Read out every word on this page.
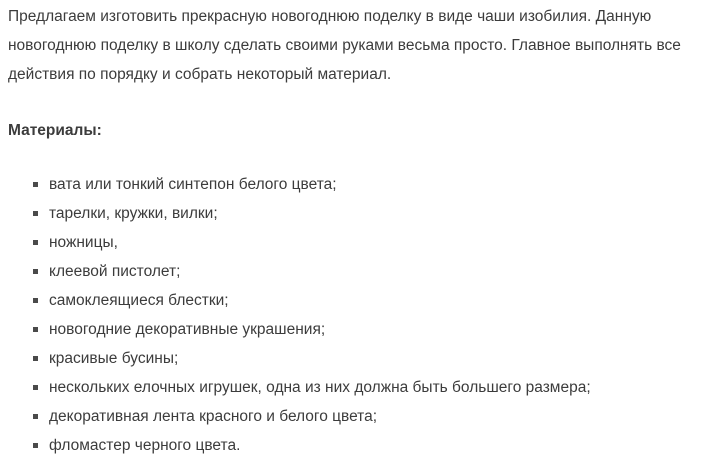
Предлагаем изготовить прекрасную новогоднюю поделку в виде чаши изобилия. Данную новогоднюю поделку в школу сделать своими руками весьма просто. Главное выполнять все действия по порядку и собрать некоторый материал.

Материалы:
вата или тонкий синтепон белого цвета;
тарелки, кружки, вилки;
ножницы,
клеевой пистолет;
самоклеящиеся блестки;
новогодние декоративные украшения;
красивые бусины;
нескольких елочных игрушек, одна из них должна быть большего размера;
декоративная лента красного и белого цвета;
фломастер черного цвета.
